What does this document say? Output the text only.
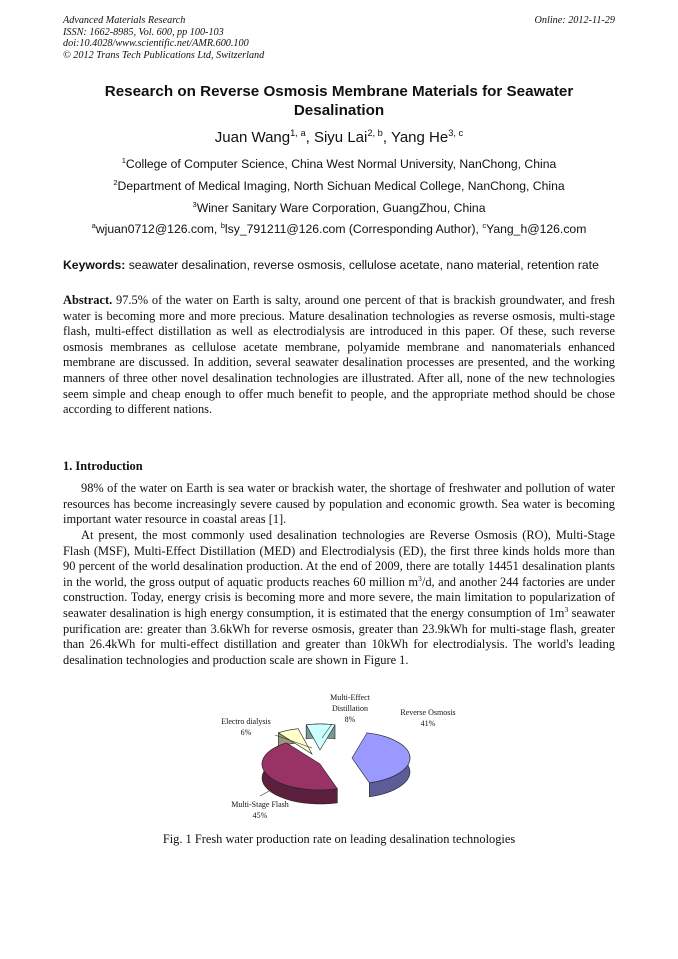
Advanced Materials Research
ISSN: 1662-8985, Vol. 600, pp 100-103
doi:10.4028/www.scientific.net/AMR.600.100
© 2012 Trans Tech Publications Ltd, Switzerland
Online: 2012-11-29
Research on Reverse Osmosis Membrane Materials for Seawater Desalination
Juan Wang$^{1, a}$, Siyu Lai$^{2, b}$, Yang He$^{3, c}$
$^1$College of Computer Science, China West Normal University, NanChong, China
$^2$Department of Medical Imaging, North Sichuan Medical College, NanChong, China
$^3$Winer Sanitary Ware Corporation, GuangZhou, China
$^a$wjuan0712@126.com, $^b$lsy_791211@126.com (Corresponding Author), $^c$Yang_h@126.com
Keywords: seawater desalination, reverse osmosis, cellulose acetate, nano material, retention rate
Abstract. 97.5% of the water on Earth is salty, around one percent of that is brackish groundwater, and fresh water is becoming more and more precious. Mature desalination technologies as reverse osmosis, multi-stage flash, multi-effect distillation as well as electrodialysis are introduced in this paper. Of these, such reverse osmosis membranes as cellulose acetate membrane, polyamide membrane and nanomaterials enhanced membrane are discussed. In addition, several seawater desalination processes are presented, and the working manners of three other novel desalination technologies are illustrated. After all, none of the new technologies seem simple and cheap enough to offer much benefit to people, and the appropriate method should be chose according to different nations.
1. Introduction
98% of the water on Earth is sea water or brackish water, the shortage of freshwater and pollution of water resources has become increasingly severe caused by population and economic growth. Sea water is becoming important water resource in coastal areas [1].
At present, the most commonly used desalination technologies are Reverse Osmosis (RO), Multi-Stage Flash (MSF), Multi-Effect Distillation (MED) and Electrodialysis (ED), the first three kinds holds more than 90 percent of the world desalination production. At the end of 2009, there are totally 14451 desalination plants in the world, the gross output of aquatic products reaches 60 million $m^3/d$, and another 244 factories are under construction. Today, energy crisis is becoming more and more severe, the main limitation to popularization of seawater desalination is high energy consumption, it is estimated that the energy consumption of $1m^3$ seawater purification are: greater than 3.6kWh for reverse osmosis, greater than 23.9kWh for multi-stage flash, greater than 26.4kWh for multi-effect distillation and greater than 10kWh for electrodialysis. The world's leading desalination technologies and production scale are shown in Figure 1.
Reverse Osmosis
41%
Multi-Stage Flash
45%
Electro dialysis
6%
Multi-Effect
Distillation
8%
Fig. 1 Fresh water production rate on leading desalination technologies
